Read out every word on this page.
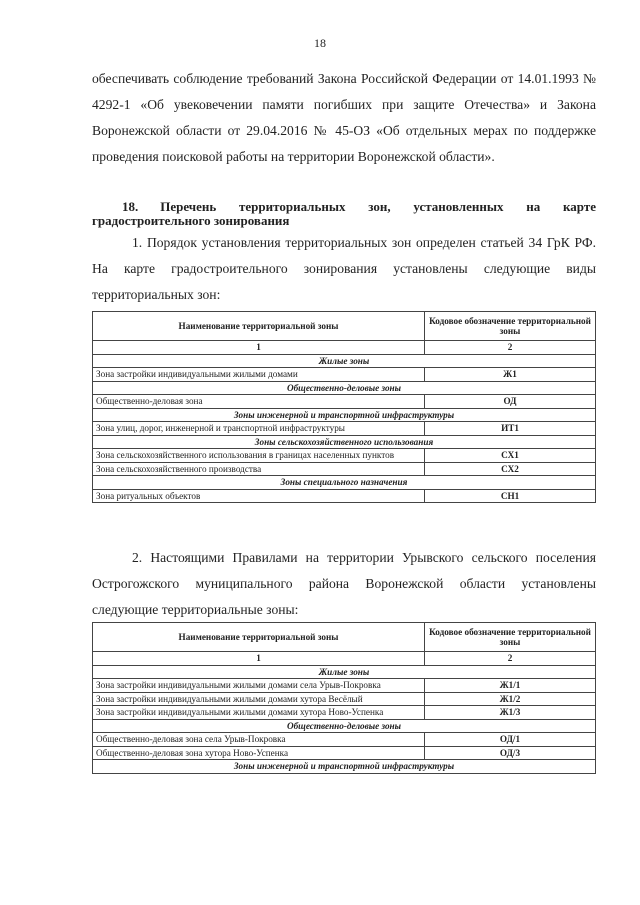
18

обеспечивать соблюдение требований Закона Российской Федерации от 14.01.1993 № 4292-1 «Об увековечении памяти погибших при защите Отечества» и Закона Воронежской области от 29.04.2016 № 45-ОЗ «Об отдельных мерах по поддержке проведения поисковой работы на территории Воронежской области».

18. Перечень территориальных зон, установленных на карте градостроительного зонирования

1. Порядок установления территориальных зон определен статьей 34 ГрК РФ. На карте градостроительного зонирования установлены следующие виды территориальных зон:

Наименование территориальной зоны	Кодовое обозначение территориальной зоны
1	2
Жилые зоны	
Зона застройки индивидуальными жилыми домами	Ж1
Общественно-деловые зоны	
Общественно-деловая зона	ОД
Зоны инженерной и транспортной инфраструктуры	
Зона улиц, дорог, инженерной и транспортной инфраструктуры	ИТ1
Зоны сельскохозяйственного использования	
Зона сельскохозяйственного использования в границах населенных пунктов	СХ1
Зона сельскохозяйственного производства	СХ2
Зоны специального назначения	
Зона ритуальных объектов	СН1

2. Настоящими Правилами на территории Урывского сельского поселения Острогожского муниципального района Воронежской области установлены следующие территориальные зоны:

Наименование территориальной зоны	Кодовое обозначение территориальной зоны
1	2
Жилые зоны	
Зона застройки индивидуальными жилыми домами села Урыв-Покровка	Ж1/1
Зона застройки индивидуальными жилыми домами хутора Весёлый	Ж1/2
Зона застройки индивидуальными жилыми домами хутора Ново-Успенка	Ж1/3
Общественно-деловые зоны	
Общественно-деловая зона села Урыв-Покровка	ОД/1
Общественно-деловая зона хутора Ново-Успенка	ОД/3
Зоны инженерной и транспортной инфраструктуры	
